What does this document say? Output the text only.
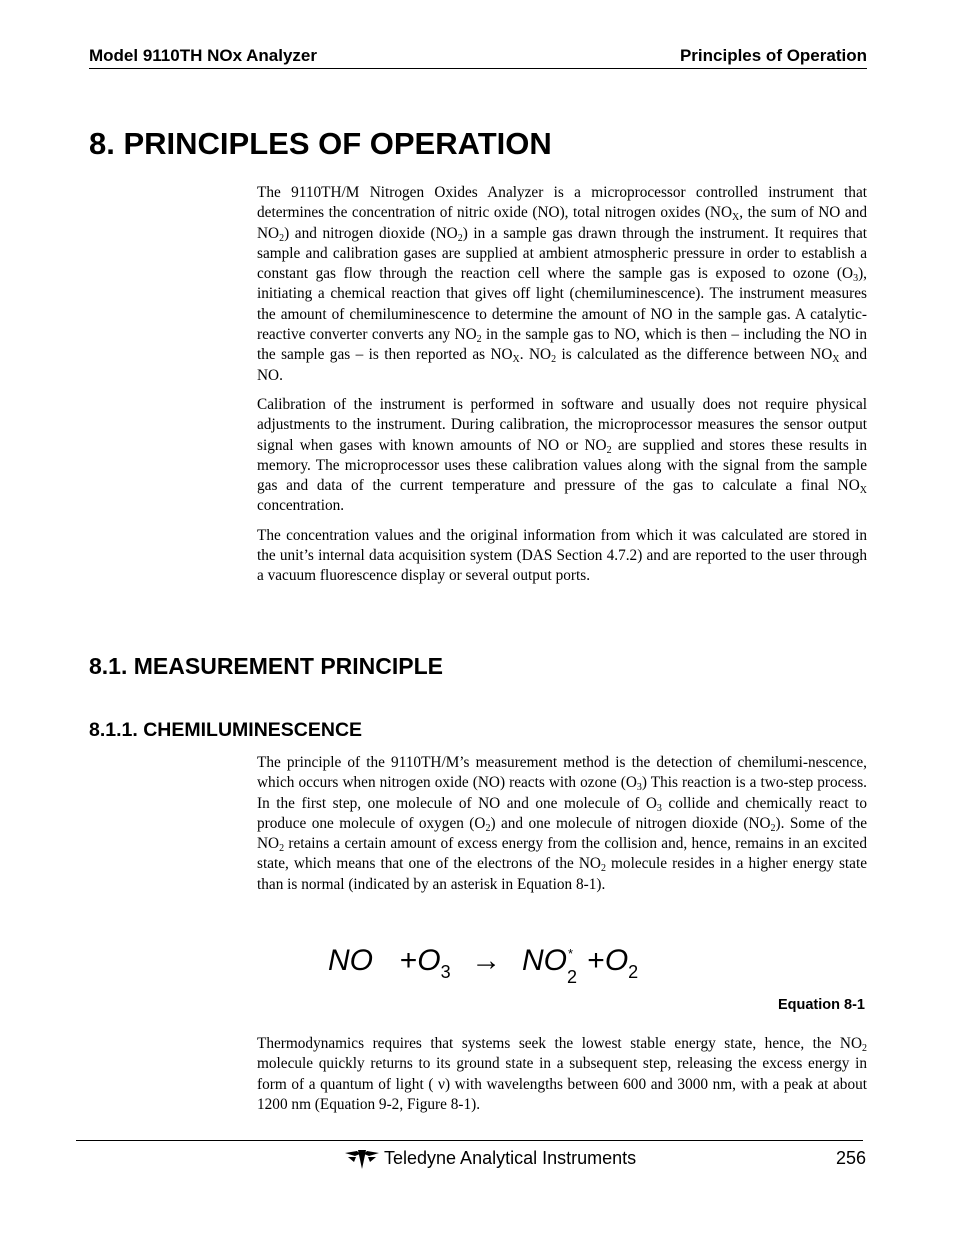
Model 9110TH NOx Analyzer	Principles of Operation
8. PRINCIPLES OF OPERATION

The 9110TH/M Nitrogen Oxides Analyzer is a microprocessor controlled instrument that determines the concentration of nitric oxide (NO), total nitrogen oxides ($NO_X$, the sum of NO and $NO_2$) and nitrogen dioxide $(NO_2)$ in a sample gas drawn through the instrument. It requires that sample and calibration gases are supplied at ambient atmospheric pressure in order to establish a constant gas flow through the reaction cell where the sample gas is exposed to ozone $(O_3)$, initiating a chemical reaction that gives off light (chemiluminescence). The instrument measures the amount of chemiluminescence to determine the amount of NO in the sample gas. A catalytic-reactive converter converts any $NO_2$ in the sample gas to NO, which is then – including the NO in the sample gas – is then reported as $NO_X$. $NO_2$ is calculated as the difference between $NO_X$ and NO.

Calibration of the instrument is performed in software and usually does not require physical adjustments to the instrument. During calibration, the microprocessor measures the sensor output signal when gases with known amounts of NO or $NO_2$ are supplied and stores these results in memory. The microprocessor uses these calibration values along with the signal from the sample gas and data of the current temperature and pressure of the gas to calculate a final $NO_X$ concentration.

The concentration values and the original information from which it was calculated are stored in the unit’s internal data acquisition system (DAS Section 4.7.2) and are reported to the user through a vacuum fluorescence display or several output ports.

8.1. MEASUREMENT PRINCIPLE
8.1.1. CHEMILUMINESCENCE

The principle of the 9110TH/M’s measurement method is the detection of chemilumi-nescence, which occurs when nitrogen oxide (NO) reacts with ozone $(O_3)$ This reaction is a two-step process. In the first step, one molecule of NO and one molecule of $O_3$ collide and chemically react to produce one molecule of oxygen $(O_2)$ and one molecule of nitrogen dioxide $(NO_2)$. Some of the $NO_2$ retains a certain amount of excess energy from the collision and, hence, remains in an excited state, which means that one of the electrons of the $NO_2$ molecule resides in a higher energy state than is normal (indicated by an asterisk in Equation 8-1).

NO $+O_3$ → NO *
$2 +O_2$
Equation 8-1

Thermodynamics requires that systems seek the lowest stable energy state, hence, the $NO_2$ molecule quickly returns to its ground state in a subsequent step, releasing the excess energy in form of a quantum of light ( ν) with wavelengths between 600 and 3000 nm, with a peak at about 1200 nm (Equation 9-2, Figure 8-1).

Teledyne Analytical Instruments	256
